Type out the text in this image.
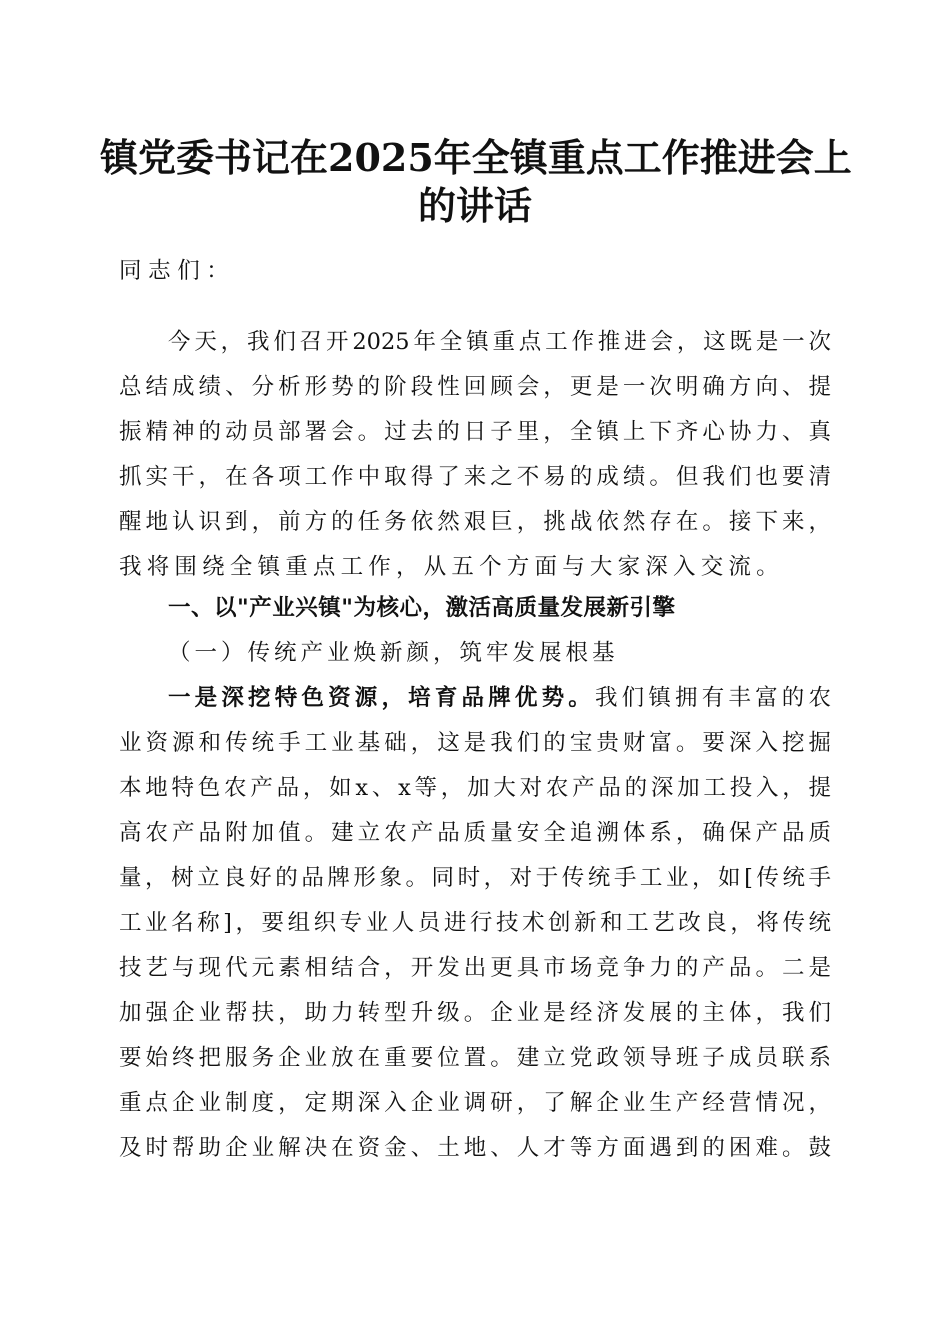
镇党委书记在2025年全镇重点工作推进会上
的讲话

同志们：

今天，我们召开2025年全镇重点工作推进会，这既是一次

总结成绩、分析形势的阶段性回顾会，更是一次明确方向、提

振精神的动员部署会。过去的日子里，全镇上下齐心协力、真

抓实干，在各项工作中取得了来之不易的成绩。但我们也要清

醒地认识到，前方的任务依然艰巨，挑战依然存在。接下来，

我将围绕全镇重点工作，从五个方面与大家深入交流。

一、以"产业兴镇"为核心，激活高质量发展新引擎

（一）传统产业焕新颜，筑牢发展根基

一是深挖特色资源，培育品牌优势。我们镇拥有丰富的农

业资源和传统手工业基础，这是我们的宝贵财富。要深入挖掘

本地特色农产品，如x、x等，加大对农产品的深加工投入，提

高农产品附加值。建立农产品质量安全追溯体系，确保产品质

量，树立良好的品牌形象。同时，对于传统手工业，如[传统手

工业名称]，要组织专业人员进行技术创新和工艺改良，将传统

技艺与现代元素相结合，开发出更具市场竞争力的产品。二是

加强企业帮扶，助力转型升级。企业是经济发展的主体，我们

要始终把服务企业放在重要位置。建立党政领导班子成员联系

重点企业制度，定期深入企业调研，了解企业生产经营情况，

及时帮助企业解决在资金、土地、人才等方面遇到的困难。鼓
